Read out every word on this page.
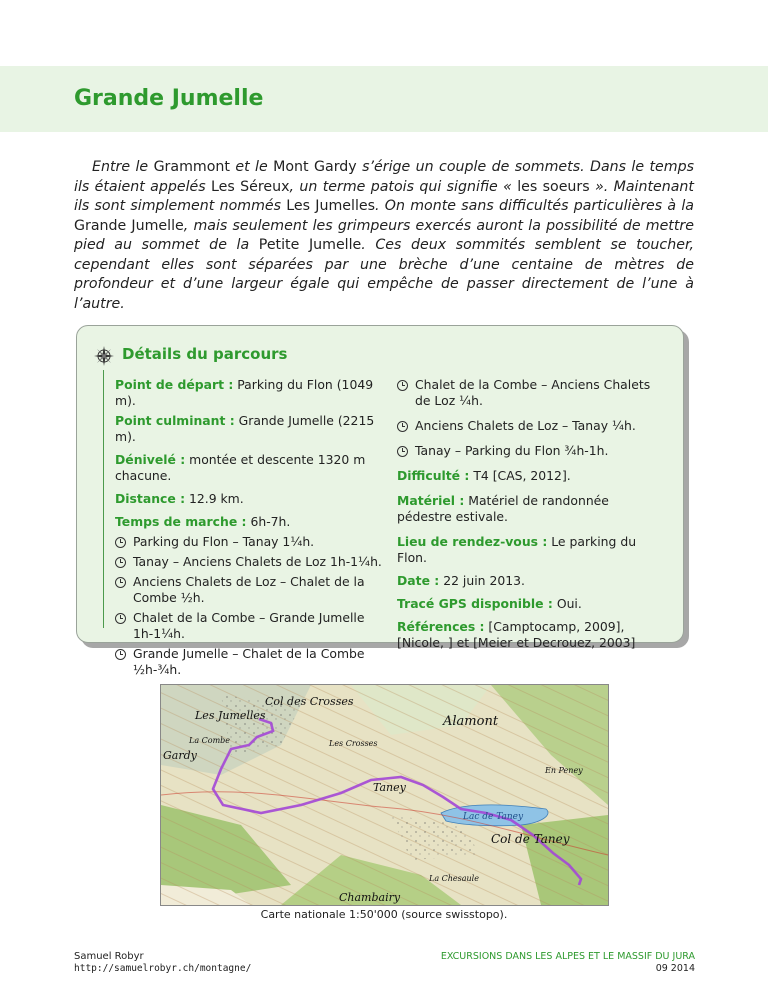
Grande Jumelle

Entre le Grammont et le Mont Gardy s’érige un couple de sommets. Dans le temps ils étaient appelés Les Séreux, un terme patois qui signifie « les soeurs ». Maintenant ils sont simplement nommés Les Jumelles. On monte sans difficultés particulières à la Grande Jumelle, mais seulement les grimpeurs exercés auront la possibilité de mettre pied au sommet de la Petite Jumelle. Ces deux sommités semblent se toucher, cependant elles sont séparées par une brèche d’une centaine de mètres de profondeur et d’une largeur égale qui empêche de passer directement de l’une à l’autre.

Détails du parcours

Point de départ : Parking du Flon (1049 m).

Point culminant : Grande Jumelle (2215 m).

Dénivelé : montée et descente 1320 m chacune.

Distance : 12.9 km.

Temps de marche : 6h-7h.

Parking du Flon – Tanay 1¼h.

Tanay – Anciens Chalets de Loz 1h-1¼h.

Anciens Chalets de Loz – Chalet de la Combe ½h.

Chalet de la Combe – Grande Jumelle 1h-1¼h.

Grande Jumelle – Chalet de la Combe ½h-¾h.

Chalet de la Combe – Anciens Chalets de Loz ¼h.

Anciens Chalets de Loz – Tanay ¼h.

Tanay – Parking du Flon ¾h-1h.

Difficulté : T4 [CAS, 2012].

Matériel : Matériel de randonnée pédestre estivale.

Lieu de rendez-vous : Le parking du Flon.

Date : 22 juin 2013.

Tracé GPS disponible : Oui.

Références : [Camptocamp, 2009], [Nicole, ] et [Meier et Decrouez, 2003]

Col des Crosses
Les Jumelles	Alamont
La Combe	Les Crosses
Gardy
Taney
Lac de Taney
Col de Taney
Chambairy
La Chesaule
En Peney
Carte nationale 1:50'000 (source swisstopo).
Samuel Robyr
http://samuelrobyr.ch/montagne/
EXCURSIONS DANS LES ALPES ET LE MASSIF DU JURA
09 2014
